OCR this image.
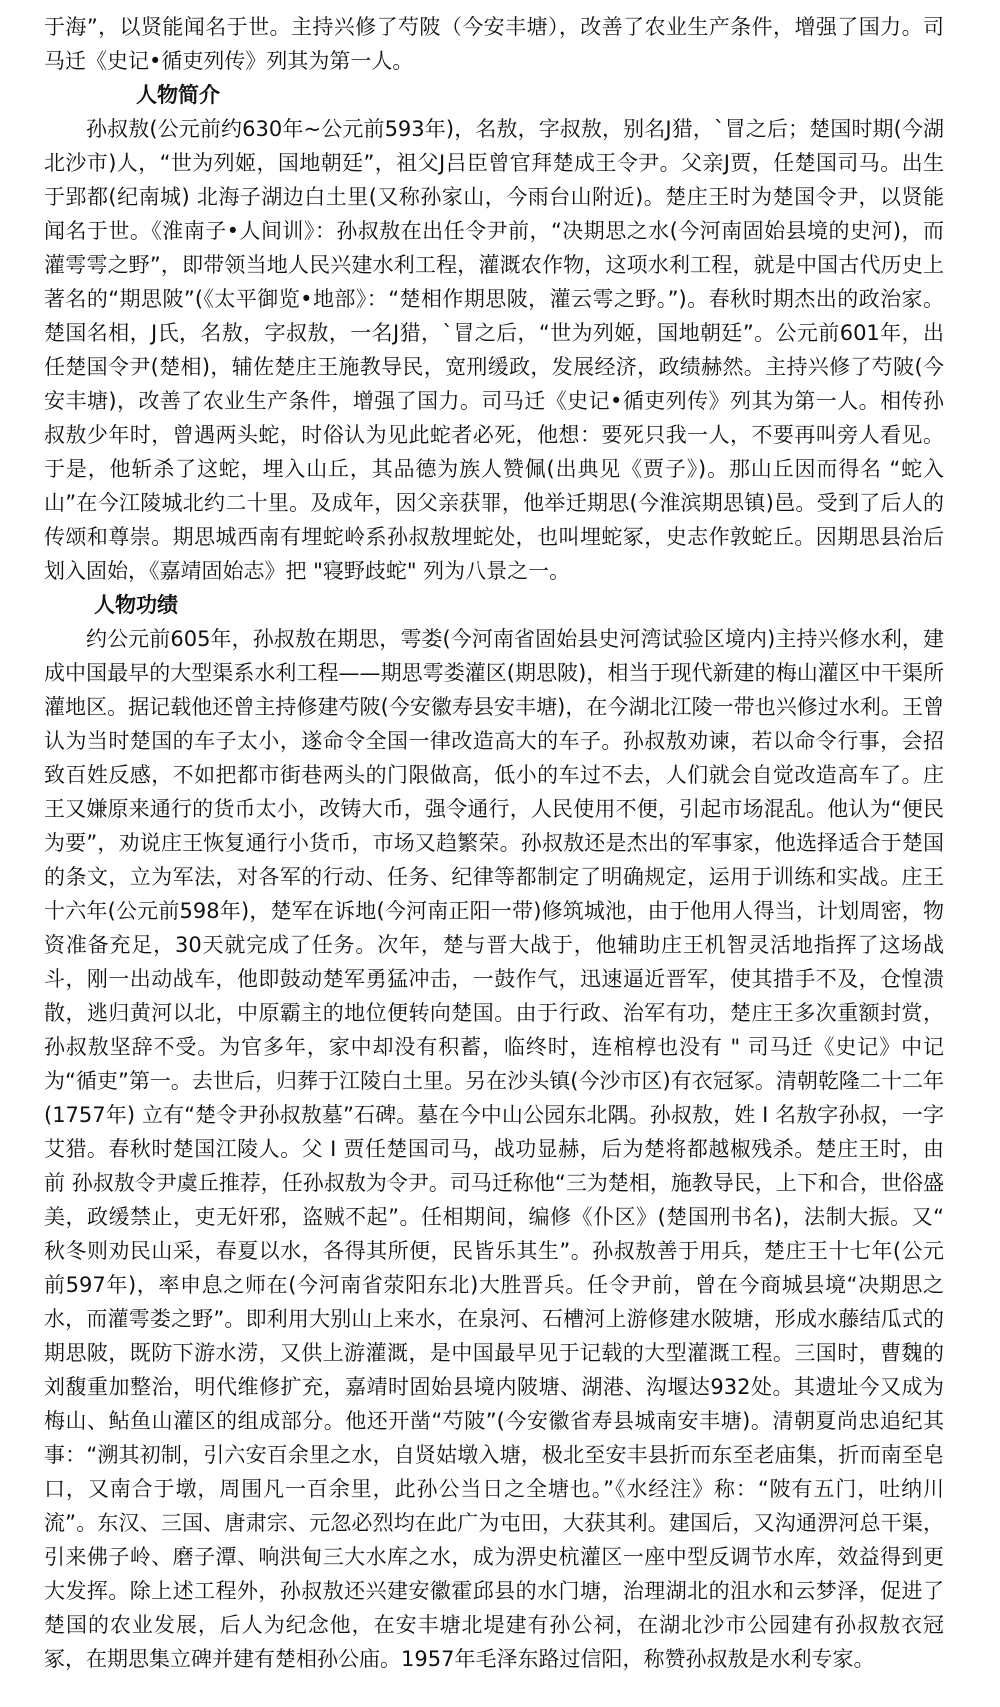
于海”，以贤能闻名于世。主持兴修了芍陂（今安丰塘），改善了农业生产条件，增强了国力。司马迁《史记•循吏列传》列其为第一人。

人物简介

孙叔敖(公元前约630年~公元前593年)，名敖，字叔敖，别名J猎，`冒之后；楚国时期(今湖北沙市)人，“世为列姬，国地朝廷”，祖父J吕臣曾官拜楚成王令尹。父亲J贾，任楚国司马。出生于郢都(纪南城) 北海子湖边白土里(又称孙家山，今雨台山附近)。楚庄王时为楚国令尹，以贤能闻名于世。《淮南子•人间训》：孙叔敖在出任令尹前，“决期思之水(今河南固始县境的史河)，而灌雩雩之野”，即带领当地人民兴建水利工程，灌溉农作物，这项水利工程，就是中国古代历史上著名的“期思陂”(《太平御览•地部》：“楚相作期思陂，灌云雩之野。”)。春秋时期杰出的政治家。楚国名相，J氏，名敖，字叔敖，一名J猎，`冒之后，“世为列姬，国地朝廷”。公元前601年，出任楚国令尹(楚相)，辅佐楚庄王施教导民，宽刑缓政，发展经济，政绩赫然。主持兴修了芍陂(今安丰塘)，改善了农业生产条件，增强了国力。司马迁《史记•循吏列传》列其为第一人。相传孙叔敖少年时，曾遇两头蛇，时俗认为见此蛇者必死，他想：要死只我一人，不要再叫旁人看见。于是，他斩杀了这蛇，埋入山丘，其品德为族人赞佩(出典见《贾子》)。那山丘因而得名 “蛇入山”在今江陵城北约二十里。及成年，因父亲获罪，他举迁期思(今淮滨期思镇)邑。受到了后人的传颂和尊崇。期思城西南有埋蛇岭系孙叔敖埋蛇处，也叫埋蛇冢，史志作敦蛇丘。因期思县治后划入固始，《嘉靖固始志》把 "寝野歧蛇" 列为八景之一。

人物功绩

约公元前605年，孙叔敖在期思，雩娄(今河南省固始县史河湾试验区境内)主持兴修水利，建成中国最早的大型渠系水利工程——期思雩娄灌区(期思陂)，相当于现代新建的梅山灌区中干渠所灌地区。据记载他还曾主持修建芍陂(今安徽寿县安丰塘)，在今湖北江陵一带也兴修过水利。王曾认为当时楚国的车子太小，遂命令全国一律改造高大的车子。孙叔敖劝谏，若以命令行事，会招致百姓反感，不如把都市街巷两头的门限做高，低小的车过不去，人们就会自觉改造高车了。庄王又嫌原来通行的货币太小，改铸大币，强令通行，人民使用不便，引起市场混乱。他认为“便民为要”，劝说庄王恢复通行小货币，市场又趋繁荣。孙叔敖还是杰出的军事家，他选择适合于楚国的条文，立为军法，对各军的行动、任务、纪律等都制定了明确规定，运用于训练和实战。庄王十六年(公元前598年)，楚军在诉地(今河南正阳一带)修筑城池，由于他用人得当，计划周密，物资准备充足，30天就完成了任务。次年，楚与晋大战于，他辅助庄王机智灵活地指挥了这场战斗，刚一出动战车，他即鼓动楚军勇猛冲击，一鼓作气，迅速逼近晋军，使其措手不及，仓惶溃散，逃归黄河以北，中原霸主的地位便转向楚国。由于行政、治军有功，楚庄王多次重额封赏，孙叔敖坚辞不受。为官多年，家中却没有积蓄，临终时，连棺椁也没有 " 司马迁《史记》中记为“循吏”第一。去世后，归葬于江陵白土里。另在沙头镇(今沙市区)有衣冠冢。清朝乾隆二十二年(1757年) 立有“楚令尹孙叔敖墓”石碑。墓在今中山公园东北隅。孙叔敖，姓 I 名敖字孙叔，一字艾猎。春秋时楚国江陵人。父 I 贾任楚国司马，战功显赫，后为楚将都越椒残杀。楚庄王时，由前 孙叔敖令尹虞丘推荐，任孙叔敖为令尹。司马迁称他“三为楚相，施教导民，上下和合，世俗盛美，政缓禁止，吏无奸邪，盗贼不起”。任相期间，编修《仆区》(楚国刑书名)，法制大振。又“ 秋冬则劝民山采，春夏以水，各得其所便，民皆乐其生”。孙叔敖善于用兵，楚庄王十七年(公元前597年)，率申息之师在(今河南省荥阳东北)大胜晋兵。任令尹前，曾在今商城县境“决期思之水，而灌雩娄之野”。即利用大别山上来水，在泉河、石槽河上游修建水陂塘，形成水藤结瓜式的期思陂，既防下游水涝，又供上游灌溉，是中国最早见于记载的大型灌溉工程。三国时，曹魏的刘馥重加整治，明代维修扩充，嘉靖时固始县境内陂塘、湖港、沟堰达932处。其遗址今又成为梅山、鲇鱼山灌区的组成部分。他还开凿“芍陂”(今安徽省寿县城南安丰塘)。清朝夏尚忠追纪其事：“溯其初制，引六安百余里之水，自贤姑墩入塘，极北至安丰县折而东至老庙集，折而南至皂口，又南合于墩，周围凡一百余里，此孙公当日之全塘也。”《水经注》称：“陂有五门，吐纳川流”。东汉、三国、唐肃宗、元忽必烈均在此广为屯田，大获其利。建国后，又沟通淠河总干渠，引来佛子岭、磨子潭、响洪甸三大水库之水，成为淠史杭灌区一座中型反调节水库，效益得到更大发挥。除上述工程外，孙叔敖还兴建安徽霍邱县的水门塘，治理湖北的沮水和云梦泽，促进了楚国的农业发展，后人为纪念他，在安丰塘北堤建有孙公祠，在湖北沙市公园建有孙叔敖衣冠冢，在期思集立碑并建有楚相孙公庙。1957年毛泽东路过信阳，称赞孙叔敖是水利专家。
